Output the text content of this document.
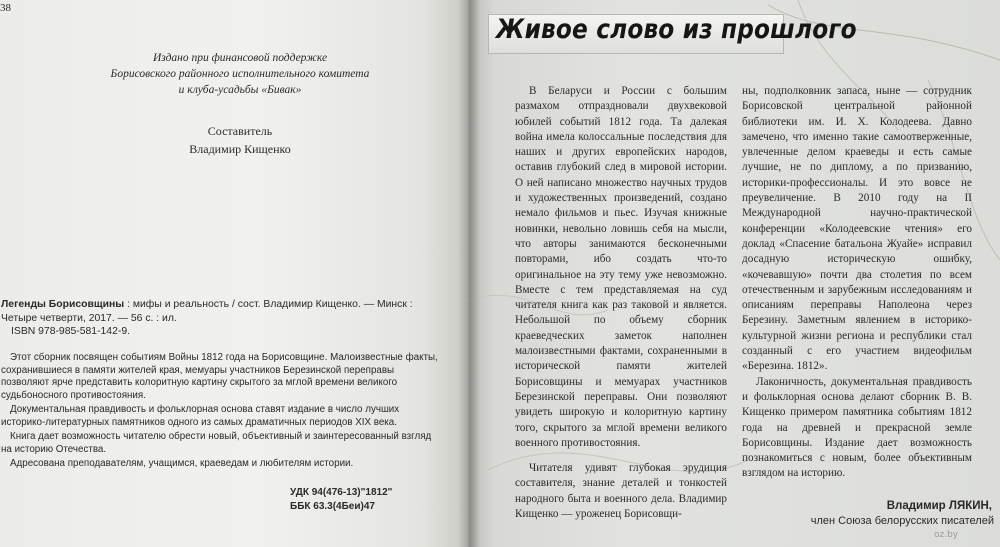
38
Издано при финансовой поддержке
Борисовского районного исполнительного комитета
и клуба-усадьбы «Бивак»
Составитель
Владимир Кищенко
Легенды Борисовщины : мифы и реальность / сост. Владимир Кищенко. — Минск :
Четыре четверти, 2017. — 56 с. : ил.
ISBN 978-985-581-142-9.

Этот сборник посвящен событиям Войны 1812 года на Борисовщине. Малоизвестные факты, сохранившиеся в памяти жителей края, мемуары участников Березинской переправы позволяют ярче представить колоритную картину скрытого за мглой времени великого судьбоносного противостояния.

Документальная правдивость и фольклорная основа ставят издание в число лучших историко-литературных памятников одного из самых драматичных периодов XIX века.

Книга дает возможность читателю обрести новый, объективный и заинтересованный взгляд на историю Отечества.

Адресована преподавателям, учащимся, краеведам и любителям истории.

УДК 94(476-13)"1812"
ББК 63.3(4Беи)47
Живое слово из прошлого

В Беларуси и России с большим размахом отпраздновали двухвековой юбилей событий 1812 года. Та далекая война имела колоссальные последствия для наших и других европейских народов, оставив глубокий след в мировой истории. О ней написано множество научных трудов и художественных произведений, создано немало фильмов и пьес. Изучая книжные новинки, невольно ловишь себя на мысли, что авторы занимаются бесконечными повторами, ибо создать что-то оригинальное на эту тему уже невозможно. Вместе с тем представляемая на суд читателя книга как раз таковой и является. Небольшой по объему сборник краеведческих заметок наполнен малоизвестными фактами, сохраненными в исторической памяти жителей Борисовщины и мемуарах участников Березинской переправы. Они позволяют увидеть широкую и колоритную картину того, скрытого за мглой времени великого военного противостояния.

Читателя удивят глубокая эрудиция составителя, знание деталей и тонкостей народного быта и военного дела. Владимир Кищенко — уроженец Борисовщи-

ны, подполковник запаса, ныне — сотрудник Борисовской центральной районной библиотеки им. И. Х. Колодеева. Давно замечено, что именно такие самоотверженные, увлеченные делом краеведы и есть самые лучшие, не по диплому, а по призванию, историки-профессионалы. И это вовсе не преувеличение. В 2010 году на II Международной научно-практической конференции «Колодеевские чтения» его доклад «Спасение батальона Жуайе» исправил досадную историческую ошибку, «кочевавшую» почти два столетия по всем отечественным и зарубежным исследованиям и описаниям переправы Наполеона через Березину. Заметным явлением в историко-культурной жизни региона и республики стал созданный с его участием видеофильм «Березина. 1812».

Лаконичность, документальная правдивость и фольклорная основа делают сборник В. В. Кищенко примером памятника событиям 1812 года на древней и прекрасной земле Борисовщины. Издание дает возможность познакомиться с новым, более объективным взглядом на историю.

Владимир ЛЯКИН,
член Союза белорусских писателей
oz.by
